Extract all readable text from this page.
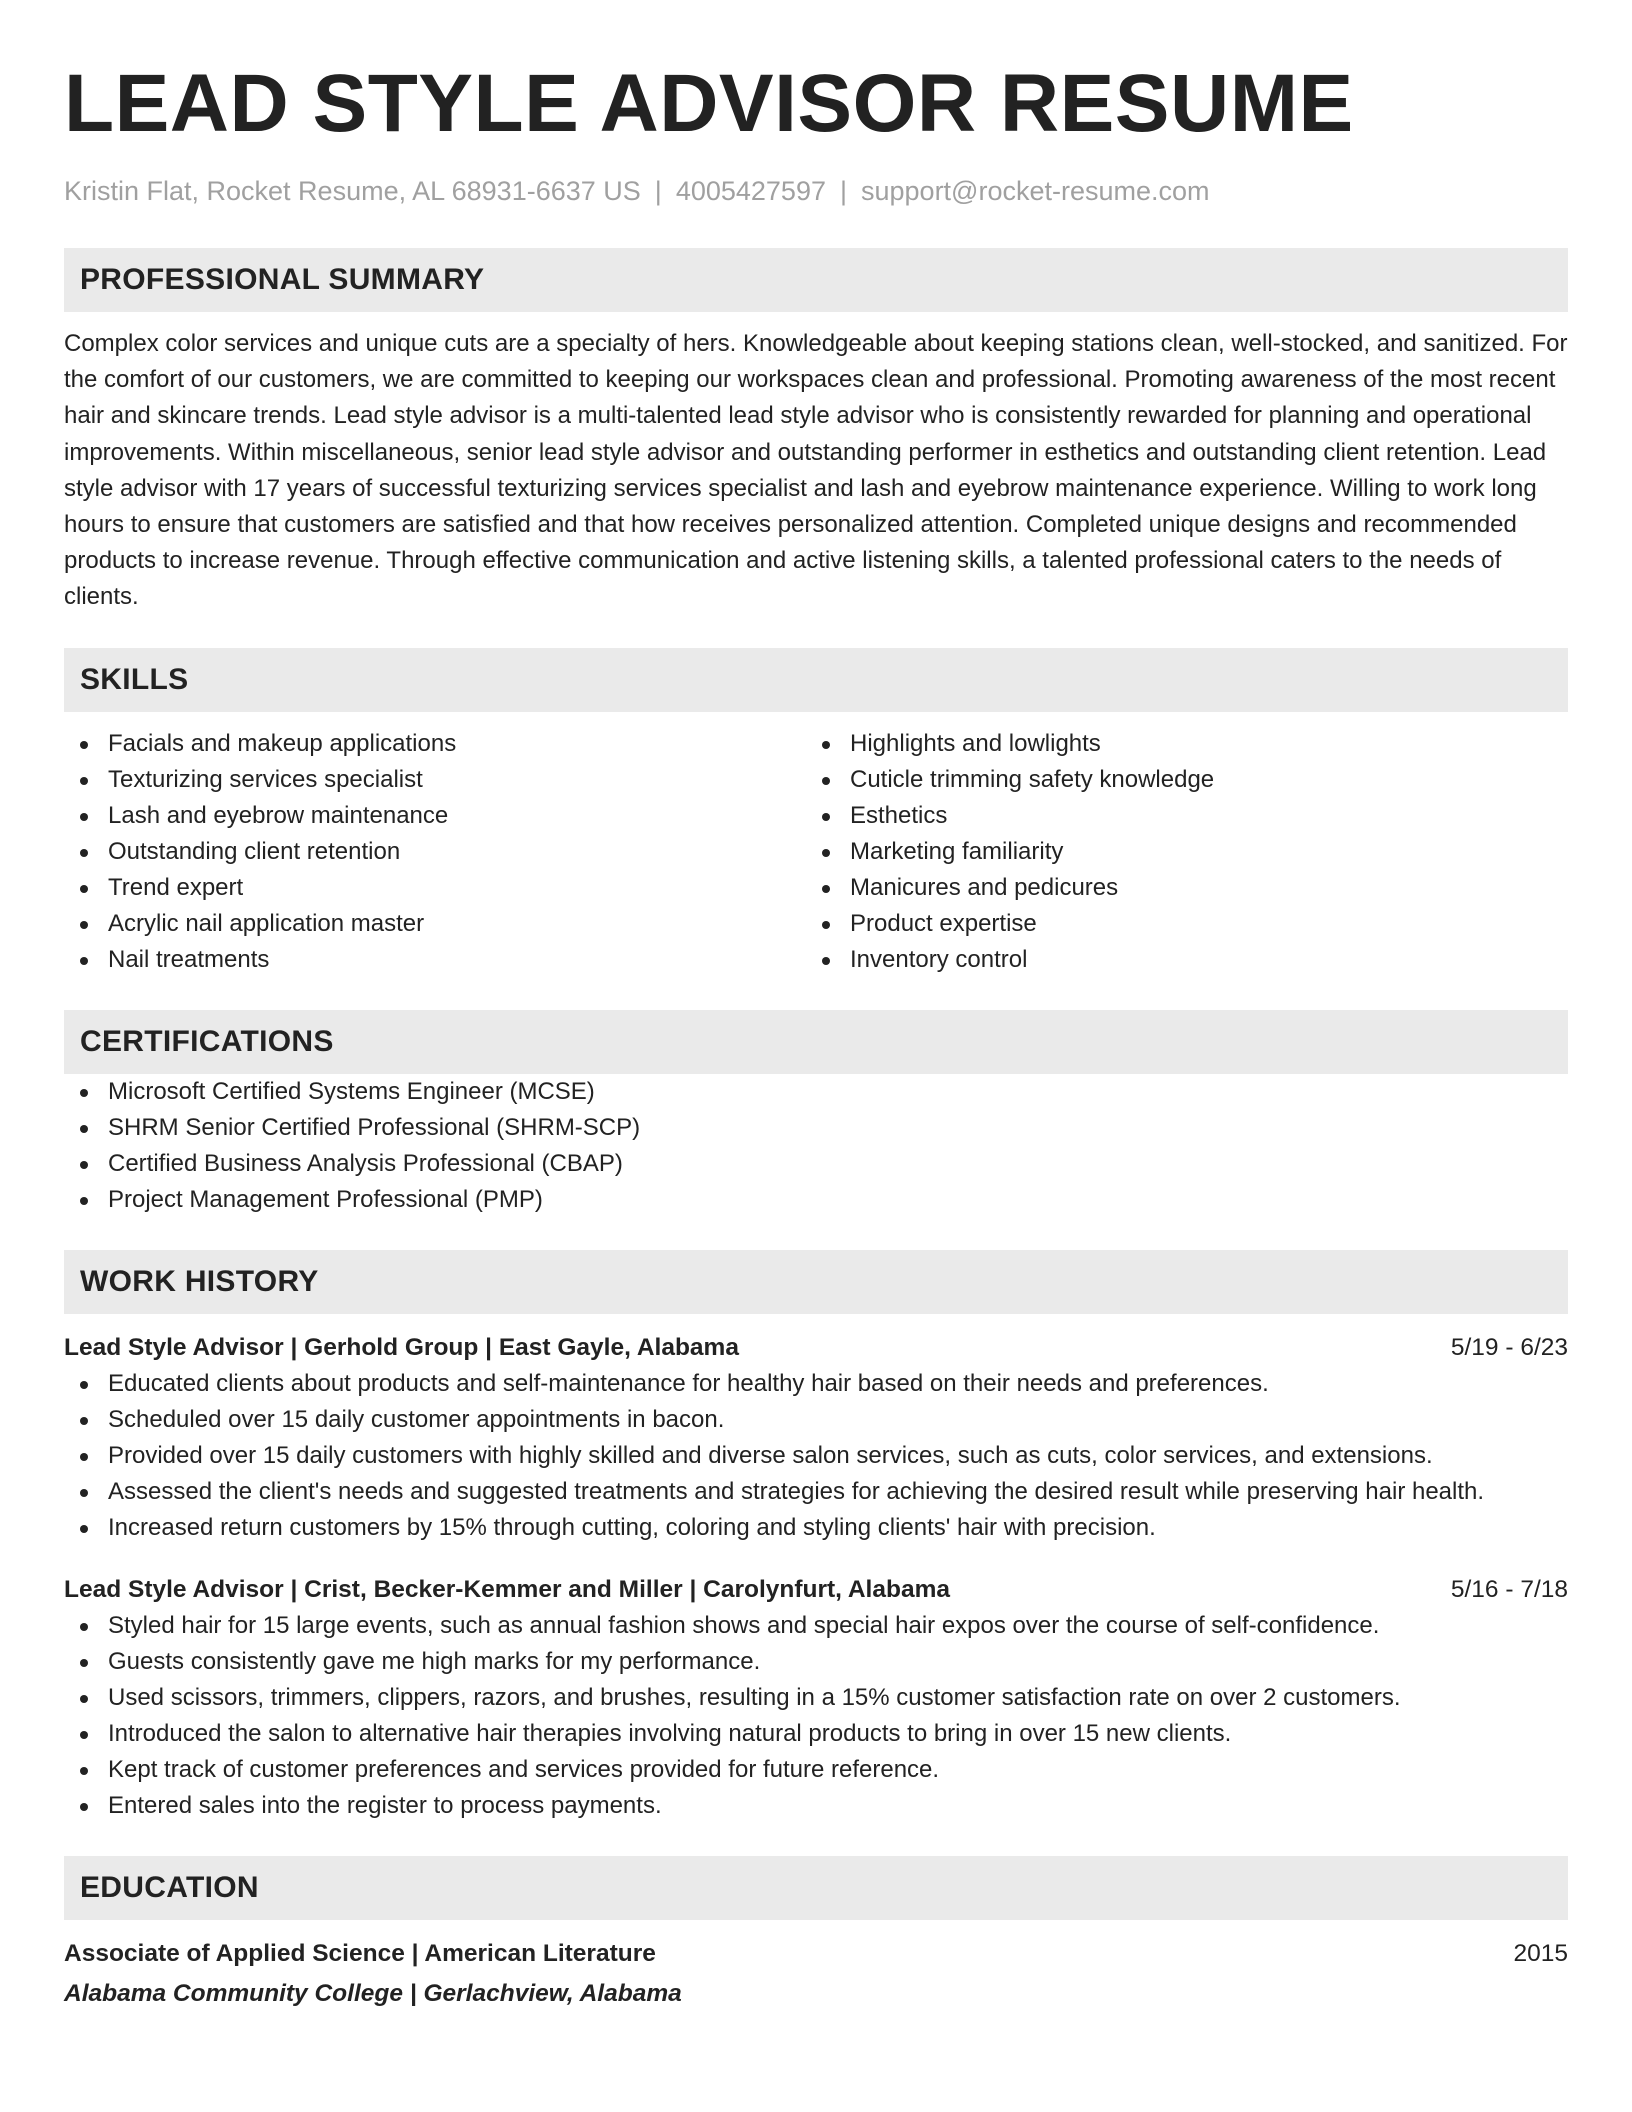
LEAD STYLE ADVISOR RESUME
Kristin Flat, Rocket Resume, AL 68931-6637 US | 4005427597 | support@rocket-resume.com
PROFESSIONAL SUMMARY

Complex color services and unique cuts are a specialty of hers. Knowledgeable about keeping stations clean, well-stocked, and sanitized. For the comfort of our customers, we are committed to keeping our workspaces clean and professional. Promoting awareness of the most recent hair and skincare trends. Lead style advisor is a multi-talented lead style advisor who is consistently rewarded for planning and operational improvements. Within miscellaneous, senior lead style advisor and outstanding performer in esthetics and outstanding client retention. Lead style advisor with 17 years of successful texturizing services specialist and lash and eyebrow maintenance experience. Willing to work long hours to ensure that customers are satisfied and that how receives personalized attention. Completed unique designs and recommended products to increase revenue. Through effective communication and active listening skills, a talented professional caters to the needs of clients.

SKILLS
Facials and makeup applications
Texturizing services specialist
Lash and eyebrow maintenance
Outstanding client retention
Trend expert
Acrylic nail application master
Nail treatments
Highlights and lowlights
Cuticle trimming safety knowledge
Esthetics
Marketing familiarity
Manicures and pedicures
Product expertise
Inventory control
CERTIFICATIONS
Microsoft Certified Systems Engineer (MCSE)
SHRM Senior Certified Professional (SHRM-SCP)
Certified Business Analysis Professional (CBAP)
Project Management Professional (PMP)
WORK HISTORY
Lead Style Advisor | Gerhold Group | East Gayle, Alabama	5/19 - 6/23
Educated clients about products and self-maintenance for healthy hair based on their needs and preferences.
Scheduled over 15 daily customer appointments in bacon.
Provided over 15 daily customers with highly skilled and diverse salon services, such as cuts, color services, and extensions.
Assessed the client's needs and suggested treatments and strategies for achieving the desired result while preserving hair health.
Increased return customers by 15% through cutting, coloring and styling clients' hair with precision.
Lead Style Advisor | Crist, Becker-Kemmer and Miller | Carolynfurt, Alabama	5/16 - 7/18
Styled hair for 15 large events, such as annual fashion shows and special hair expos over the course of self-confidence.
Guests consistently gave me high marks for my performance.
Used scissors, trimmers, clippers, razors, and brushes, resulting in a 15% customer satisfaction rate on over 2 customers.
Introduced the salon to alternative hair therapies involving natural products to bring in over 15 new clients.
Kept track of customer preferences and services provided for future reference.
Entered sales into the register to process payments.
EDUCATION
Associate of Applied Science | American Literature	2015
Alabama Community College | Gerlachview, Alabama
